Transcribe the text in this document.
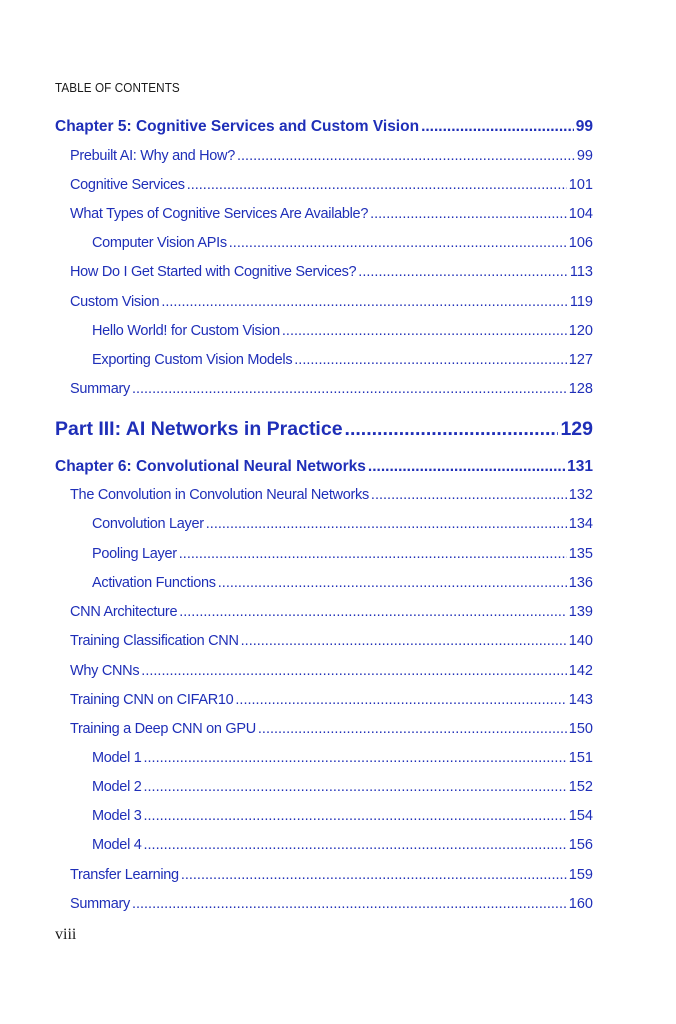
TABLE OF CONTENTS
Chapter 5: Cognitive Services and Custom Vision .....	99
Prebuilt AI: Why and How? .....	99
Cognitive Services .....	101
What Types of Cognitive Services Are Available? .....	104
Computer Vision APIs .....	106
How Do I Get Started with Cognitive Services? .....	113
Custom Vision .....	119
Hello World! for Custom Vision .....	120
Exporting Custom Vision Models .....	127
Summary .....	128
Part III: AI Networks in Practice .....	129
Chapter 6: Convolutional Neural Networks .....	131
The Convolution in Convolution Neural Networks .....	132
Convolution Layer .....	134
Pooling Layer .....	135
Activation Functions .....	136
CNN Architecture .....	139
Training Classification CNN .....	140
Why CNNs .....	142
Training CNN on CIFAR10 .....	143
Training a Deep CNN on GPU .....	150
Model 1 .....	151
Model 2 .....	152
Model 3 .....	154
Model 4 .....	156
Transfer Learning .....	159
Summary .....	160
viii
